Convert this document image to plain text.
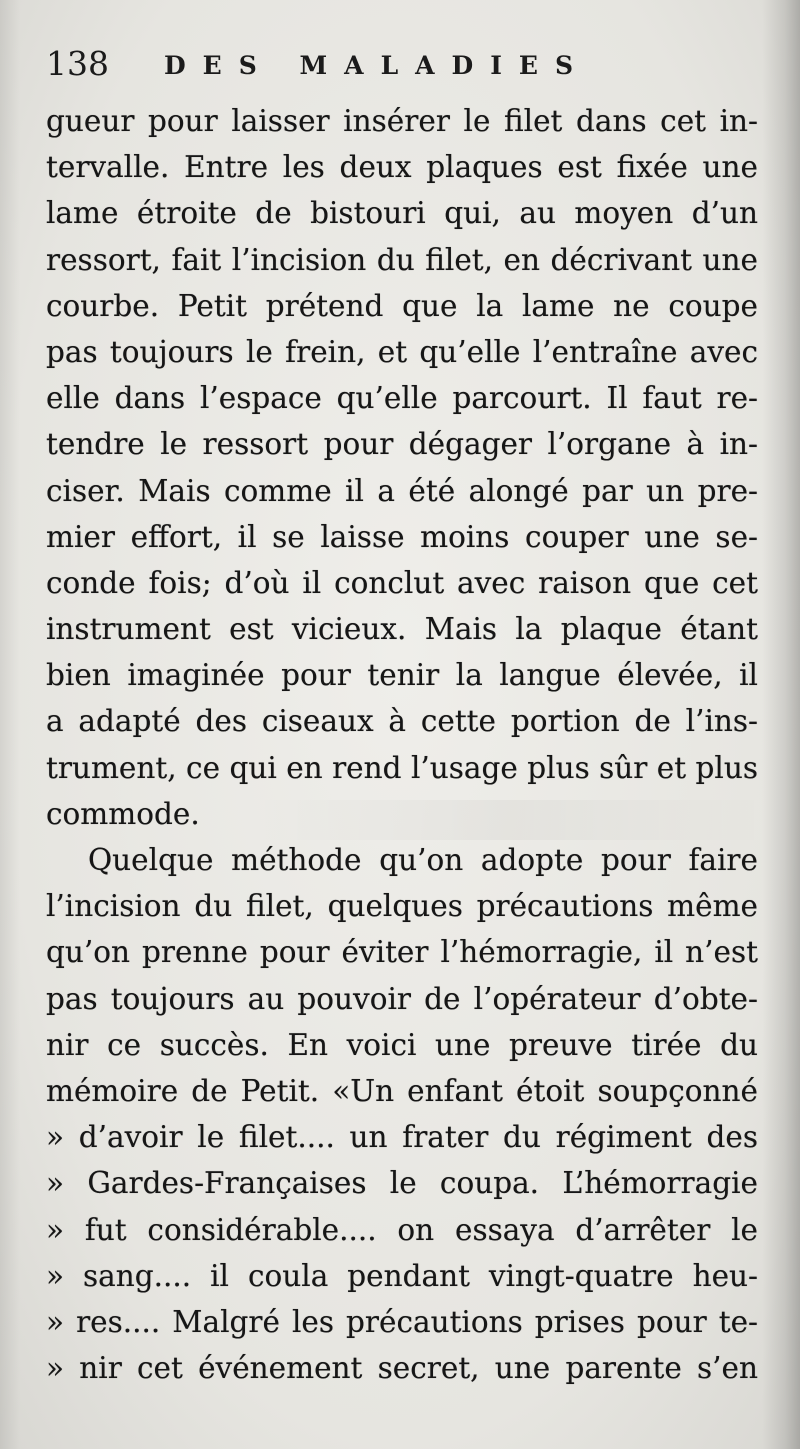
138 DES MALADIES
gueur pour laisser insérer le filet dans cet in-
tervalle. Entre les deux plaques est fixée une
lame étroite de bistouri qui, au moyen d’un
ressort, fait l’incision du filet, en décrivant une
courbe. Petit prétend que la lame ne coupe
pas toujours le frein, et qu’elle l’entraîne avec
elle dans l’espace qu’elle parcourt. Il faut re-
tendre le ressort pour dégager l’organe à in-
ciser. Mais comme il a été alongé par un pre-
mier effort, il se laisse moins couper une se-
conde fois; d’où il conclut avec raison que cet
instrument est vicieux. Mais la plaque étant
bien imaginée pour tenir la langue élevée, il
a adapté des ciseaux à cette portion de l’ins-
trument, ce qui en rend l’usage plus sûr et plus
commode.
Quelque méthode qu’on adopte pour faire
l’incision du filet, quelques précautions même
qu’on prenne pour éviter l’hémorragie, il n’est
pas toujours au pouvoir de l’opérateur d’obte-
nir ce succès. En voici une preuve tirée du
mémoire de Petit. «Un enfant étoit soupçonné
» d’avoir le filet.... un frater du régiment des
» Gardes-Françaises le coupa. L’hémorragie
» fut considérable.... on essaya d’arrêter le
» sang.... il coula pendant vingt-quatre heu-
» res.... Malgré les précautions prises pour te-
» nir cet événement secret, une parente s’en
